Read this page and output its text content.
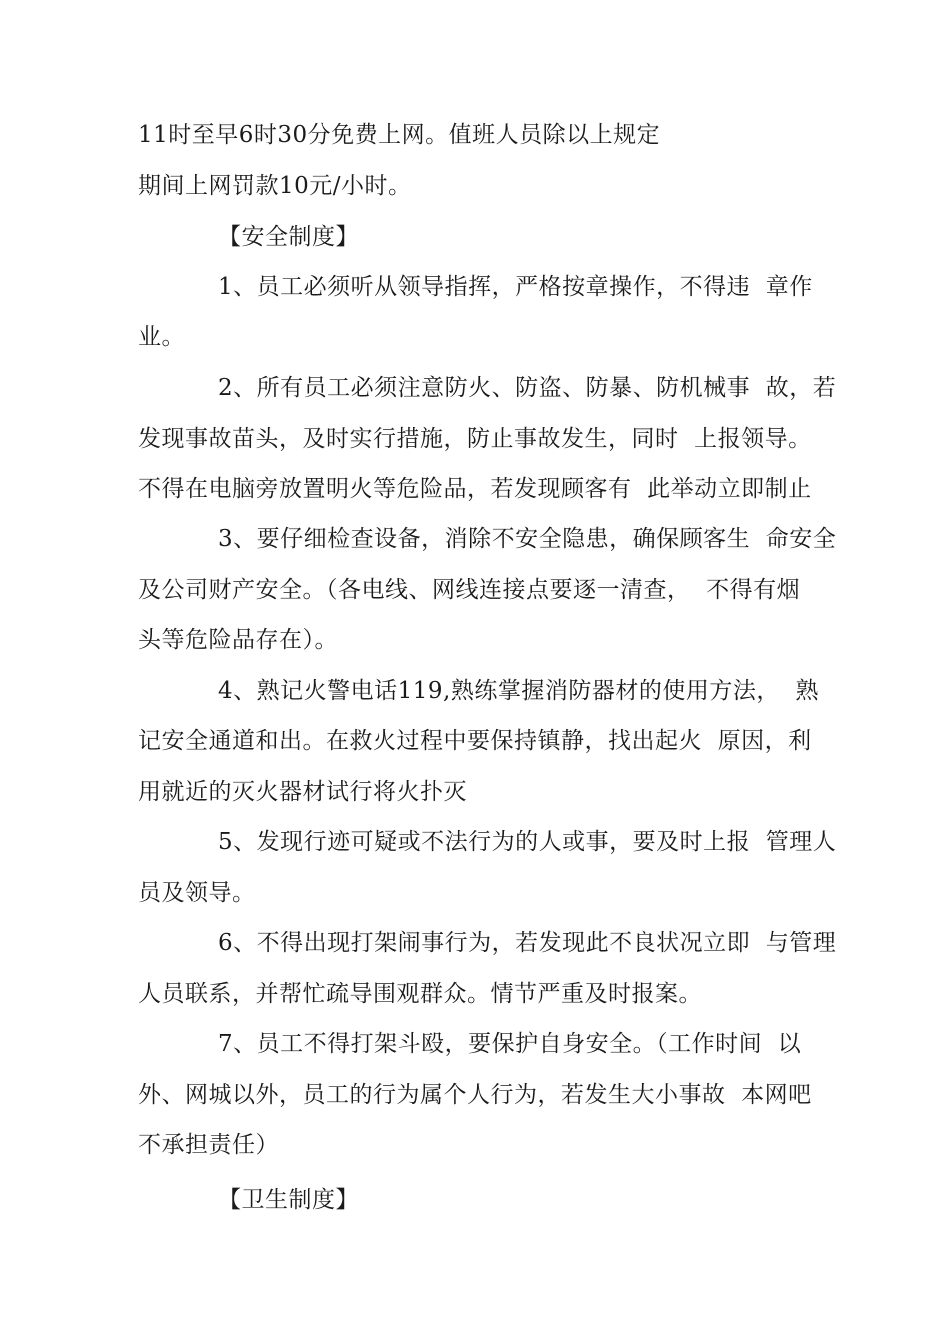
11时至早6时30分免费上网。值班人员除以上规定
期间上网罚款10元/小时。
【安全制度】
1、员工必须听从领导指挥，严格按章操作，不得违  章作
业。
2、所有员工必须注意防火、防盗、防暴、防机械事  故，若
发现事故苗头，及时实行措施，防止事故发生，同时  上报领导。
不得在电脑旁放置明火等危险品，若发现顾客有  此举动立即制止
3、要仔细检查设备，消除不安全隐患，确保顾客生  命安全
及公司财产安全。（各电线、网线连接点要逐一清查，  不得有烟
头等危险品存在）。
4、熟记火警电话119,熟练掌握消防器材的使用方法，  熟
记安全通道和出。在救火过程中要保持镇静，找出起火  原因，利
用就近的灭火器材试行将火扑灭
5、发现行迹可疑或不法行为的人或事，要及时上报  管理人
员及领导。
6、不得出现打架闹事行为，若发现此不良状况立即  与管理
人员联系，并帮忙疏导围观群众。情节严重及时报案。
7、员工不得打架斗殴，要保护自身安全。（工作时间  以
外、网城以外，员工的行为属个人行为，若发生大小事故  本网吧
不承担责任）
【卫生制度】
